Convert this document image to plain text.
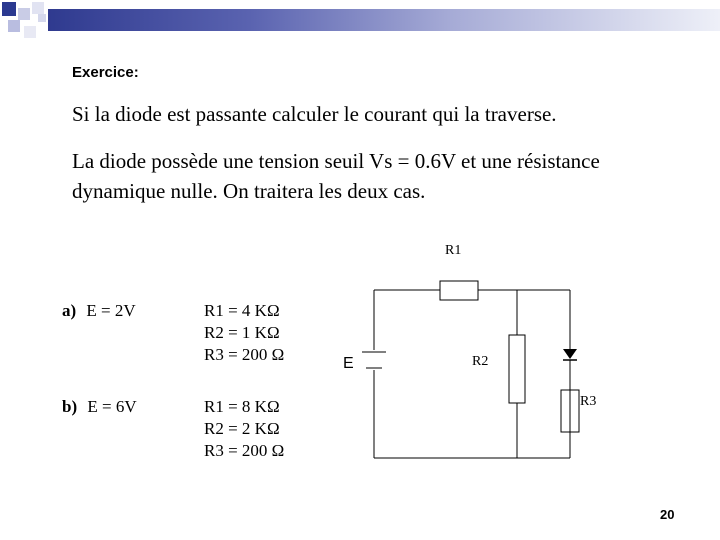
Exercice:
Si la diode est passante calculer le courant qui la traverse.
La diode possède une tension seuil Vs = 0.6V et une résistance dynamique nulle. On traitera les deux cas.
a) E = 2V	R1 = 4 KΩ
R2 = 1 KΩ
R3 = 200 Ω
b) E = 6V	R1 = 8 KΩ
R2 = 2 KΩ
R3 = 200 Ω
R1
R2
R3
E
20
